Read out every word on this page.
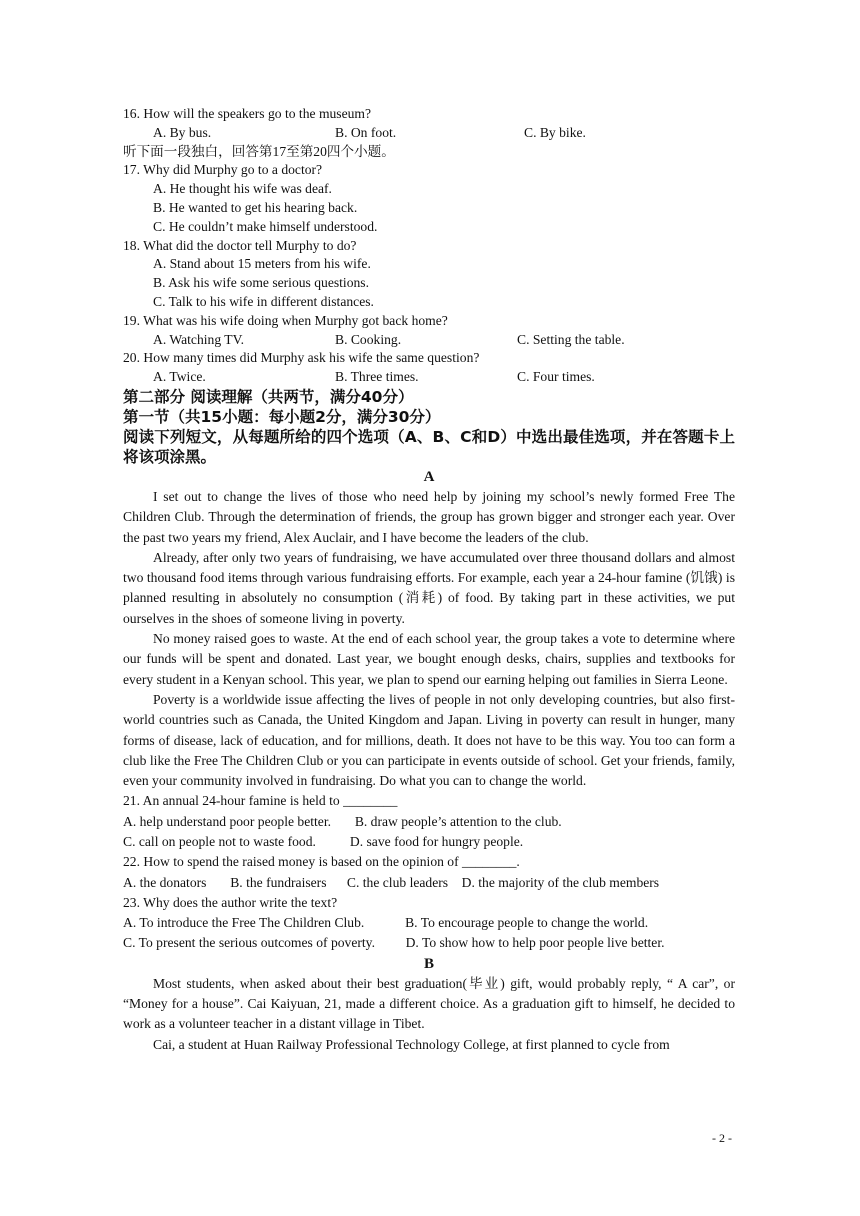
16. How will the speakers go to the museum?
A. By bus.	B. On foot.	C. By bike.
听下面一段独白，回答第17至第20四个小题。
17. Why did Murphy go to a doctor?
A. He thought his wife was deaf.
B. He wanted to get his hearing back.
C. He couldn’t make himself understood.
18. What did the doctor tell Murphy to do?
A. Stand about 15 meters from his wife.
B. Ask his wife some serious questions.
C. Talk to his wife in different distances.
19. What was his wife doing when Murphy got back home?
A. Watching TV.	B. Cooking.	C. Setting the table.
20. How many times did Murphy ask his wife the same question?
A. Twice.	B. Three times.	C. Four times.
第二部分 阅读理解（共两节，满分40分）
第一节（共15小题：每小题2分，满分30分）
阅读下列短文，从每题所给的四个选项（A、B、C和D）中选出最佳选项，并在答题卡上将该项涂黑。
A
I set out to change the lives of those who need help by joining my school’s newly formed Free The Children Club. Through the determination of friends, the group has grown bigger and stronger each year. Over the past two years my friend, Alex Auclair, and I have become the leaders of the club.
Already, after only two years of fundraising, we have accumulated over three thousand dollars and almost two thousand food items through various fundraising efforts. For example, each year a 24-hour famine (饥饿) is planned resulting in absolutely no consumption (消耗) of food. By taking part in these activities, we put ourselves in the shoes of someone living in poverty.
No money raised goes to waste. At the end of each school year, the group takes a vote to determine where our funds will be spent and donated. Last year, we bought enough desks, chairs, supplies and textbooks for every student in a Kenyan school. This year, we plan to spend our earning helping out families in Sierra Leone.
Poverty is a worldwide issue affecting the lives of people in not only developing countries, but also first-world countries such as Canada, the United Kingdom and Japan. Living in poverty can result in hunger, many forms of disease, lack of education, and for millions, death. It does not have to be this way. You too can form a club like the Free The Children Club or you can participate in events outside of school. Get your friends, family, even your community involved in fundraising. Do what you can to change the world.
21. An annual 24-hour famine is held to ________
A. help understand poor people better. B. draw people’s attention to the club.
C. call on people not to waste food. D. save food for hungry people.
22. How to spend the raised money is based on the opinion of ________.
A. the donators B. the fundraisers C. the club leaders D. the majority of the club members
23. Why does the author write the text?
A. To introduce the Free The Children Club.	B. To encourage people to change the world.
C. To present the serious outcomes of poverty. D. To show how to help poor people live better.
B
Most students, when asked about their best graduation(毕业) gift, would probably reply, “ A car”, or “Money for a house”. Cai Kaiyuan, 21, made a different choice. As a graduation gift to himself, he decided to work as a volunteer teacher in a distant village in Tibet.
Cai, a student at Huan Railway Professional Technology College, at first planned to cycle from
- 2 -
